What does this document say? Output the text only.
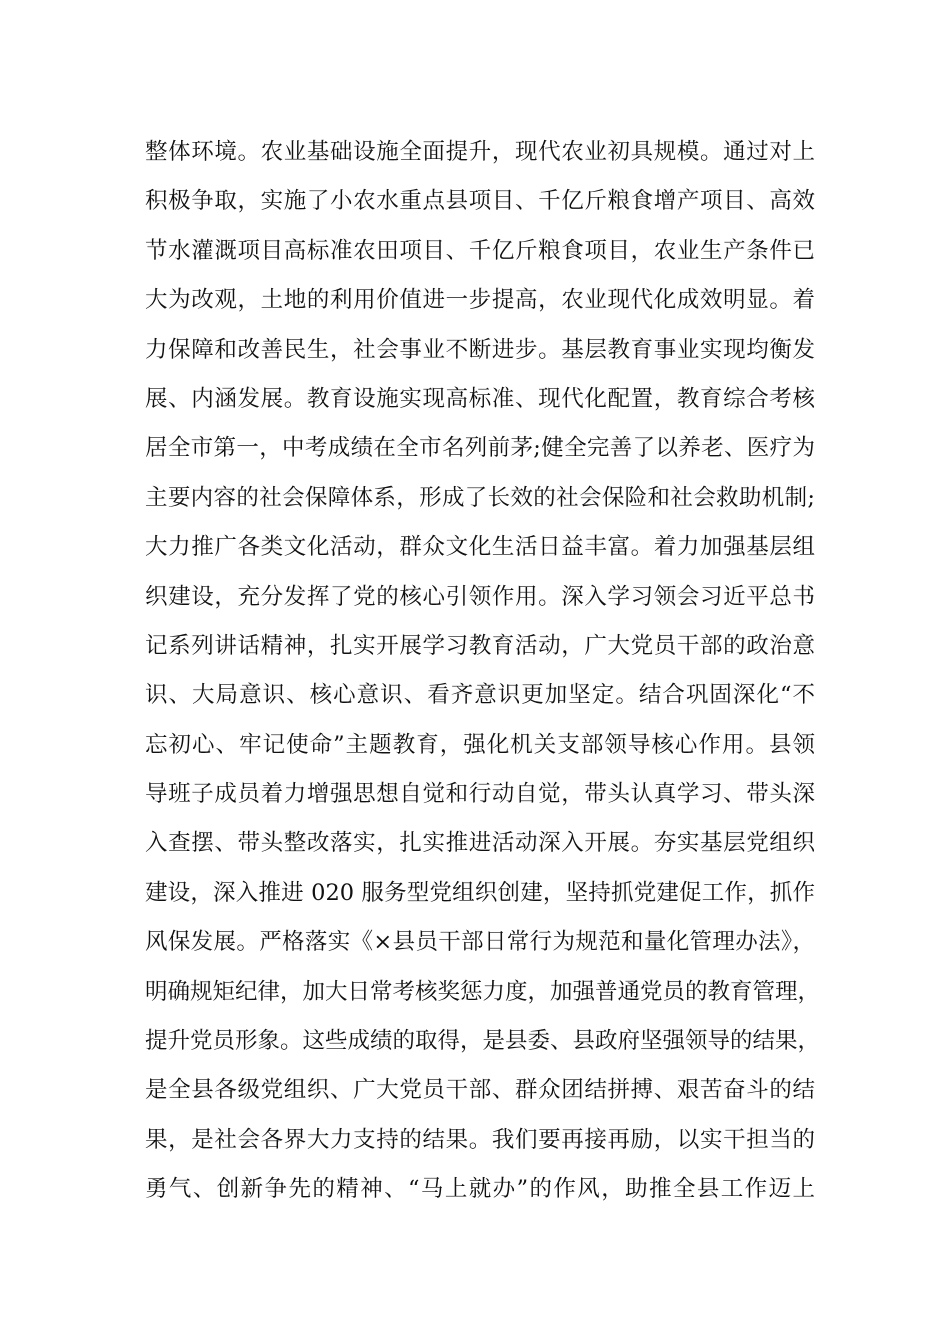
整体环境。农业基础设施全面提升，现代农业初具规模。通过对上
积极争取，实施了小农水重点县项目、千亿斤粮食增产项目、高效
节水灌溉项目高标准农田项目、千亿斤粮食项目，农业生产条件已
大为改观，土地的利用价值进一步提高，农业现代化成效明显。着
力保障和改善民生，社会事业不断进步。基层教育事业实现均衡发
展、内涵发展。教育设施实现高标准、现代化配置，教育综合考核
居全市第一，中考成绩在全市名列前茅;健全完善了以养老、医疗为
主要内容的社会保障体系，形成了长效的社会保险和社会救助机制;
大力推广各类文化活动，群众文化生活日益丰富。着力加强基层组
织建设，充分发挥了党的核心引领作用。深入学习领会习近平总书
记系列讲话精神，扎实开展学习教育活动，广大党员干部的政治意
识、大局意识、核心意识、看齐意识更加坚定。结合巩固深化“不
忘初心、牢记使命”主题教育，强化机关支部领导核心作用。县领
导班子成员着力增强思想自觉和行动自觉，带头认真学习、带头深
入查摆、带头整改落实，扎实推进活动深入开展。夯实基层党组织
建设，深入推进 020 服务型党组织创建，坚持抓党建促工作，抓作
风保发展。严格落实《×县员干部日常行为规范和量化管理办法》，
明确规矩纪律，加大日常考核奖惩力度，加强普通党员的教育管理，
提升党员形象。这些成绩的取得，是县委、县政府坚强领导的结果，
是全县各级党组织、广大党员干部、群众团结拼搏、艰苦奋斗的结
果，是社会各界大力支持的结果。我们要再接再励，以实干担当的
勇气、创新争先的精神、“马上就办”的作风，助推全县工作迈上
